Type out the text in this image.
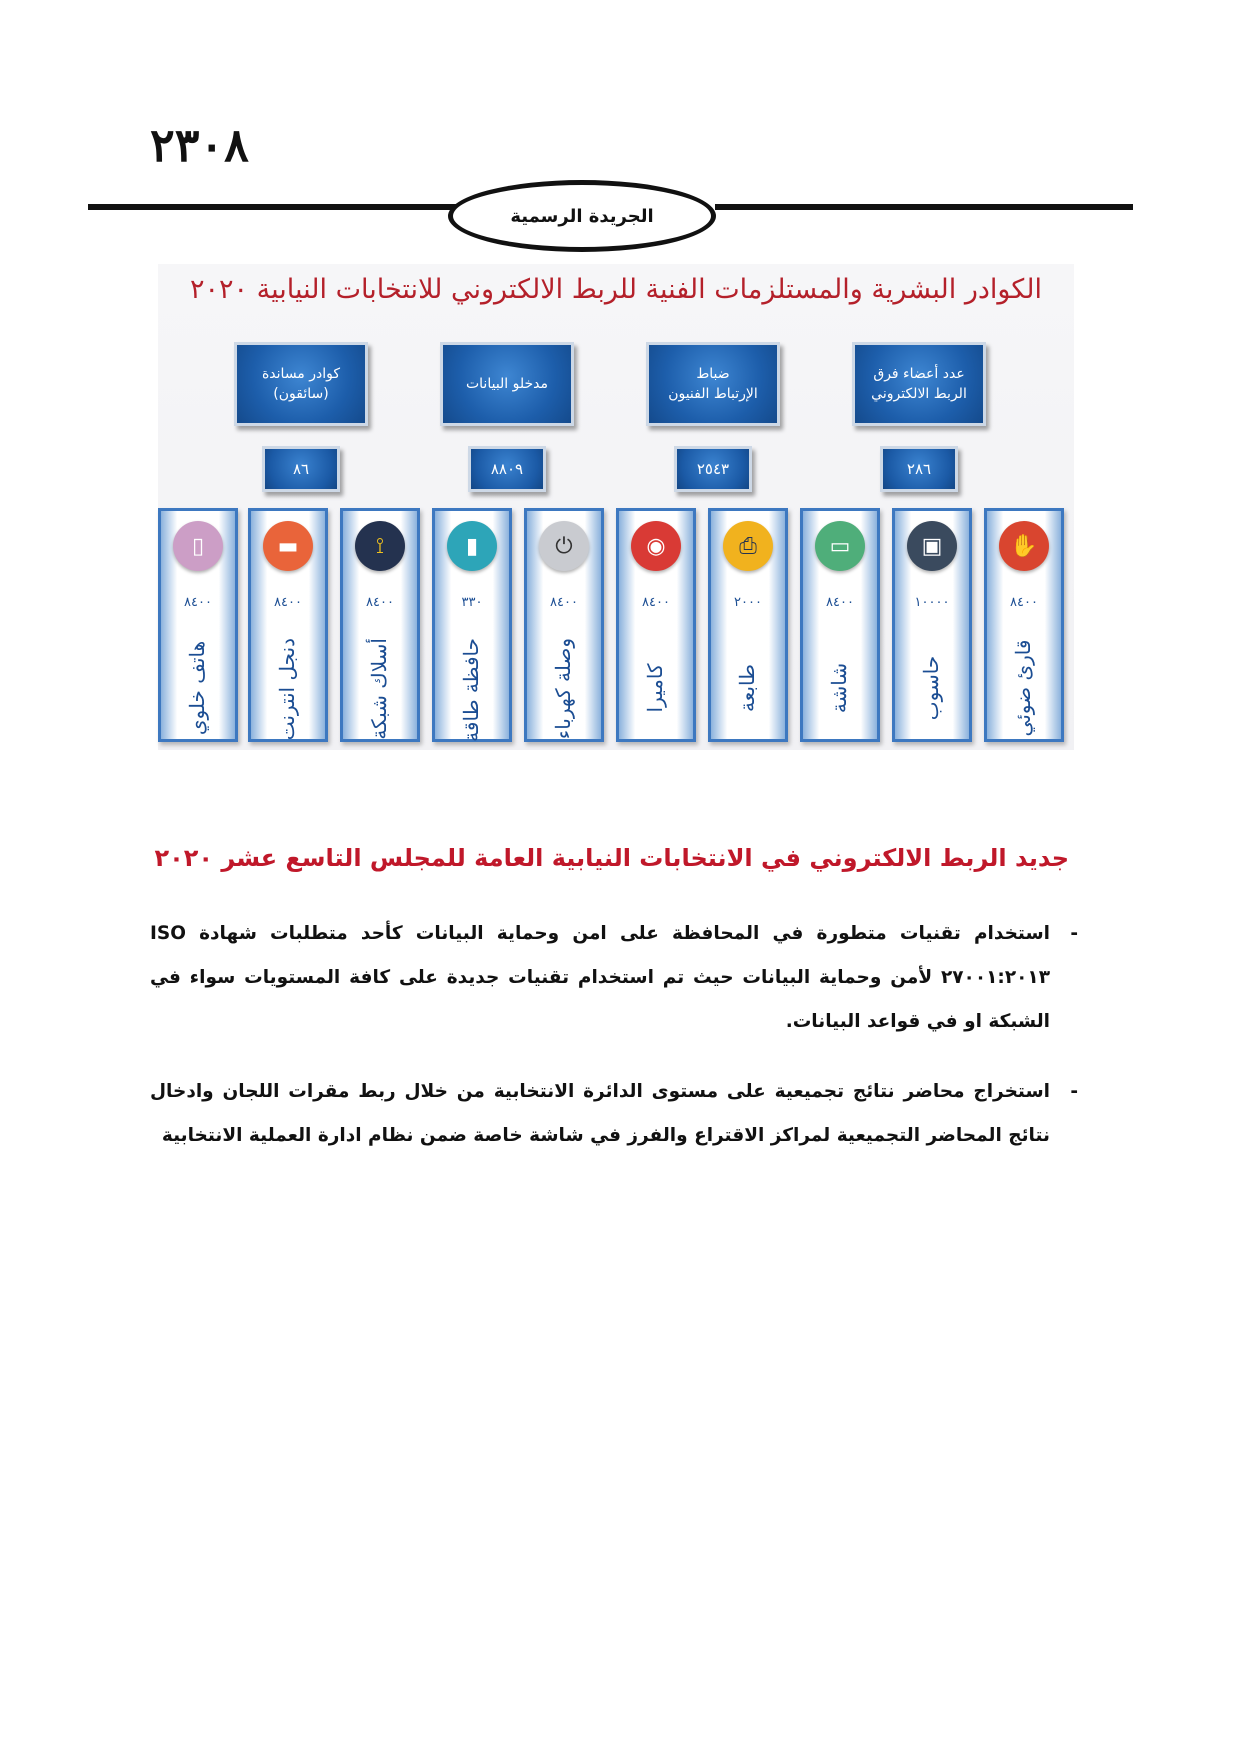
٢٣٠٨
الجريدة الرسمية
الكوادر البشرية والمستلزمات الفنية للربط الالكتروني للانتخابات النيابية ٢٠٢٠
عدد أعضاء فرق
الربط الالكتروني
ضباط
الإرتباط الفنيون
مدخلو البيانات
كوادر مساندة
(سائقون)
٢٨٦
٢٥٤٣
٨٨٠٩
٨٦
✋
٨٤٠٠
قارئ ضوئي
▣
١٠٠٠٠
حاسوب
▭
٨٤٠٠
شاشة
⎙
٢٠٠٠
طابعة
◉
٨٤٠٠
كاميرا
⏻
٨٤٠٠
وصلة كهرباء
▮
٣٣٠
حافظة طاقة
⟟
٨٤٠٠
أسلاك شبكة
▬
٨٤٠٠
دنجل انترنت
▯
٨٤٠٠
هاتف خلوي
جديد الربط الالكتروني في الانتخابات النيابية العامة للمجلس التاسع عشر ٢٠٢٠
-
استخدام تقنيات متطورة في المحافظة على امن وحماية البيانات كأحد متطلبات شهادة ISO ٢٧٠٠١:٢٠١٣ لأمن وحماية البيانات حيث تم استخدام تقنيات جديدة على كافة المستويات سواء في الشبكة او في قواعد البيانات.
-
استخراج محاضر نتائج تجميعية على مستوى الدائرة الانتخابية من خلال ربط مقرات اللجان وادخال نتائج المحاضر التجميعية لمراكز الاقتراع والفرز في شاشة خاصة ضمن نظام ادارة العملية الانتخابية
